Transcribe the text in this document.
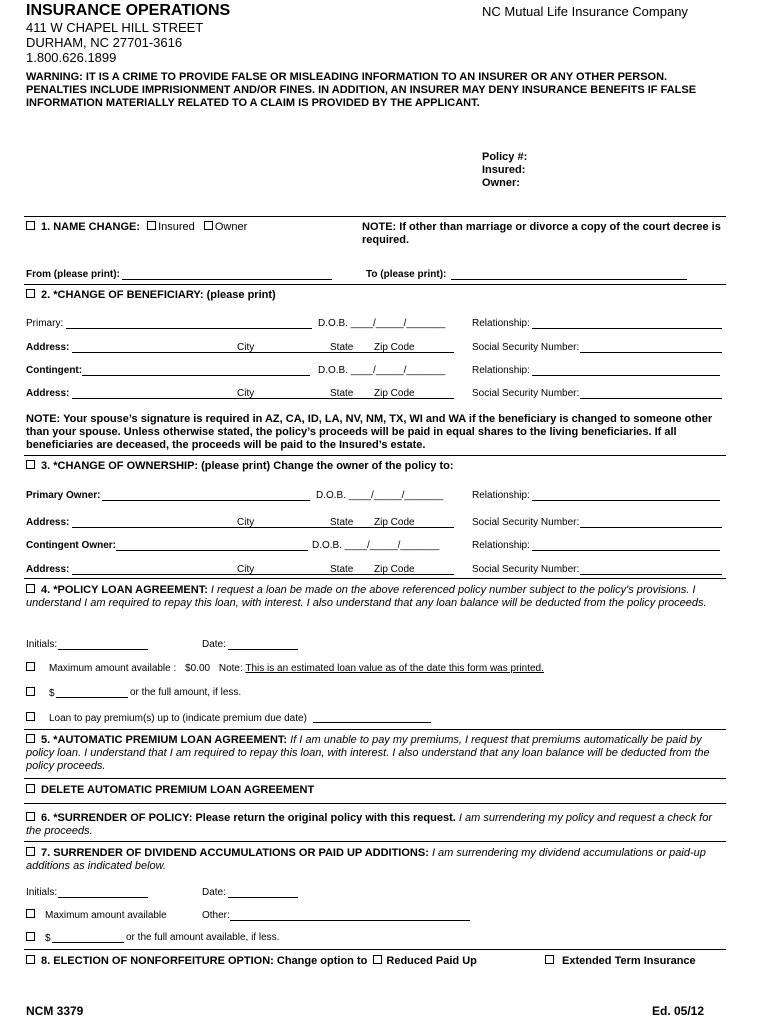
INSURANCE OPERATIONS	NC Mutual Life Insurance Company
411 W CHAPEL HILL STREET
DURHAM, NC 27701-3616
1.800.626.1899
WARNING: IT IS A CRIME TO PROVIDE FALSE OR MISLEADING INFORMATION TO AN INSURER OR ANY OTHER PERSON. PENALTIES INCLUDE IMPRISIONMENT AND/OR FINES. IN ADDITION, AN INSURER MAY DENY INSURANCE BENEFITS IF FALSE INFORMATION MATERIALLY RELATED TO A CLAIM IS PROVIDED BY THE APPLICANT.
Policy #:
Insured:
Owner:
1. NAME CHANGE: Insured Owner	NOTE: If other than marriage or divorce a copy of the court decree is required.
From (please print):	To (please print):
2. *CHANGE OF BENEFICIARY: (please print)
Primary:	D.O.B. ____/_____/_______	Relationship:
Address:	City	State Zip Code	Social Security Number:
Contingent:	D.O.B. ____/_____/_______	Relationship:
Address:	City	State Zip Code	Social Security Number:
NOTE: Your spouse’s signature is required in AZ, CA, ID, LA, NV, NM, TX, WI and WA if the beneficiary is changed to someone other than your spouse. Unless otherwise stated, the policy’s proceeds will be paid in equal shares to the living beneficiaries. If all beneficiaries are deceased, the proceeds will be paid to the Insured’s estate.
3. *CHANGE OF OWNERSHIP: (please print) Change the owner of the policy to:
Primary Owner:	D.O.B. ____/_____/_______	Relationship:
Address:	City	State Zip Code	Social Security Number:
Contingent Owner:	D.O.B. ____/_____/_______	Relationship:
Address:	City	State Zip Code	Social Security Number:
4. *POLICY LOAN AGREEMENT: I request a loan be made on the above referenced policy number subject to the policy's provisions. I understand I am required to repay this loan, with interest. I also understand that any loan balance will be deducted from the policy proceeds.
Initials:	Date:
Maximum amount available : $0.00 Note: This is an estimated loan value as of the date this form was printed.
$	or the full amount, if less.
Loan to pay premium(s) up to (indicate premium due date)
5. *AUTOMATIC PREMIUM LOAN AGREEMENT: If I am unable to pay my premiums, I request that premiums automatically be paid by policy loan. I understand that I am required to repay this loan, with interest. I also understand that any loan balance will be deducted from the policy proceeds.
DELETE AUTOMATIC PREMIUM LOAN AGREEMENT
6. *SURRENDER OF POLICY: Please return the original policy with this request. I am surrendering my policy and request a check for the proceeds.
7. SURRENDER OF DIVIDEND ACCUMULATIONS OR PAID UP ADDITIONS: I am surrendering my dividend accumulations or paid-up additions as indicated below.
Initials:	Date:
Maximum amount available	Other:
$	or the full amount available, if less.
8. ELECTION OF NONFORFEITURE OPTION: Change option to Reduced Paid Up	Extended Term Insurance
NCM 3379	Ed. 05/12
